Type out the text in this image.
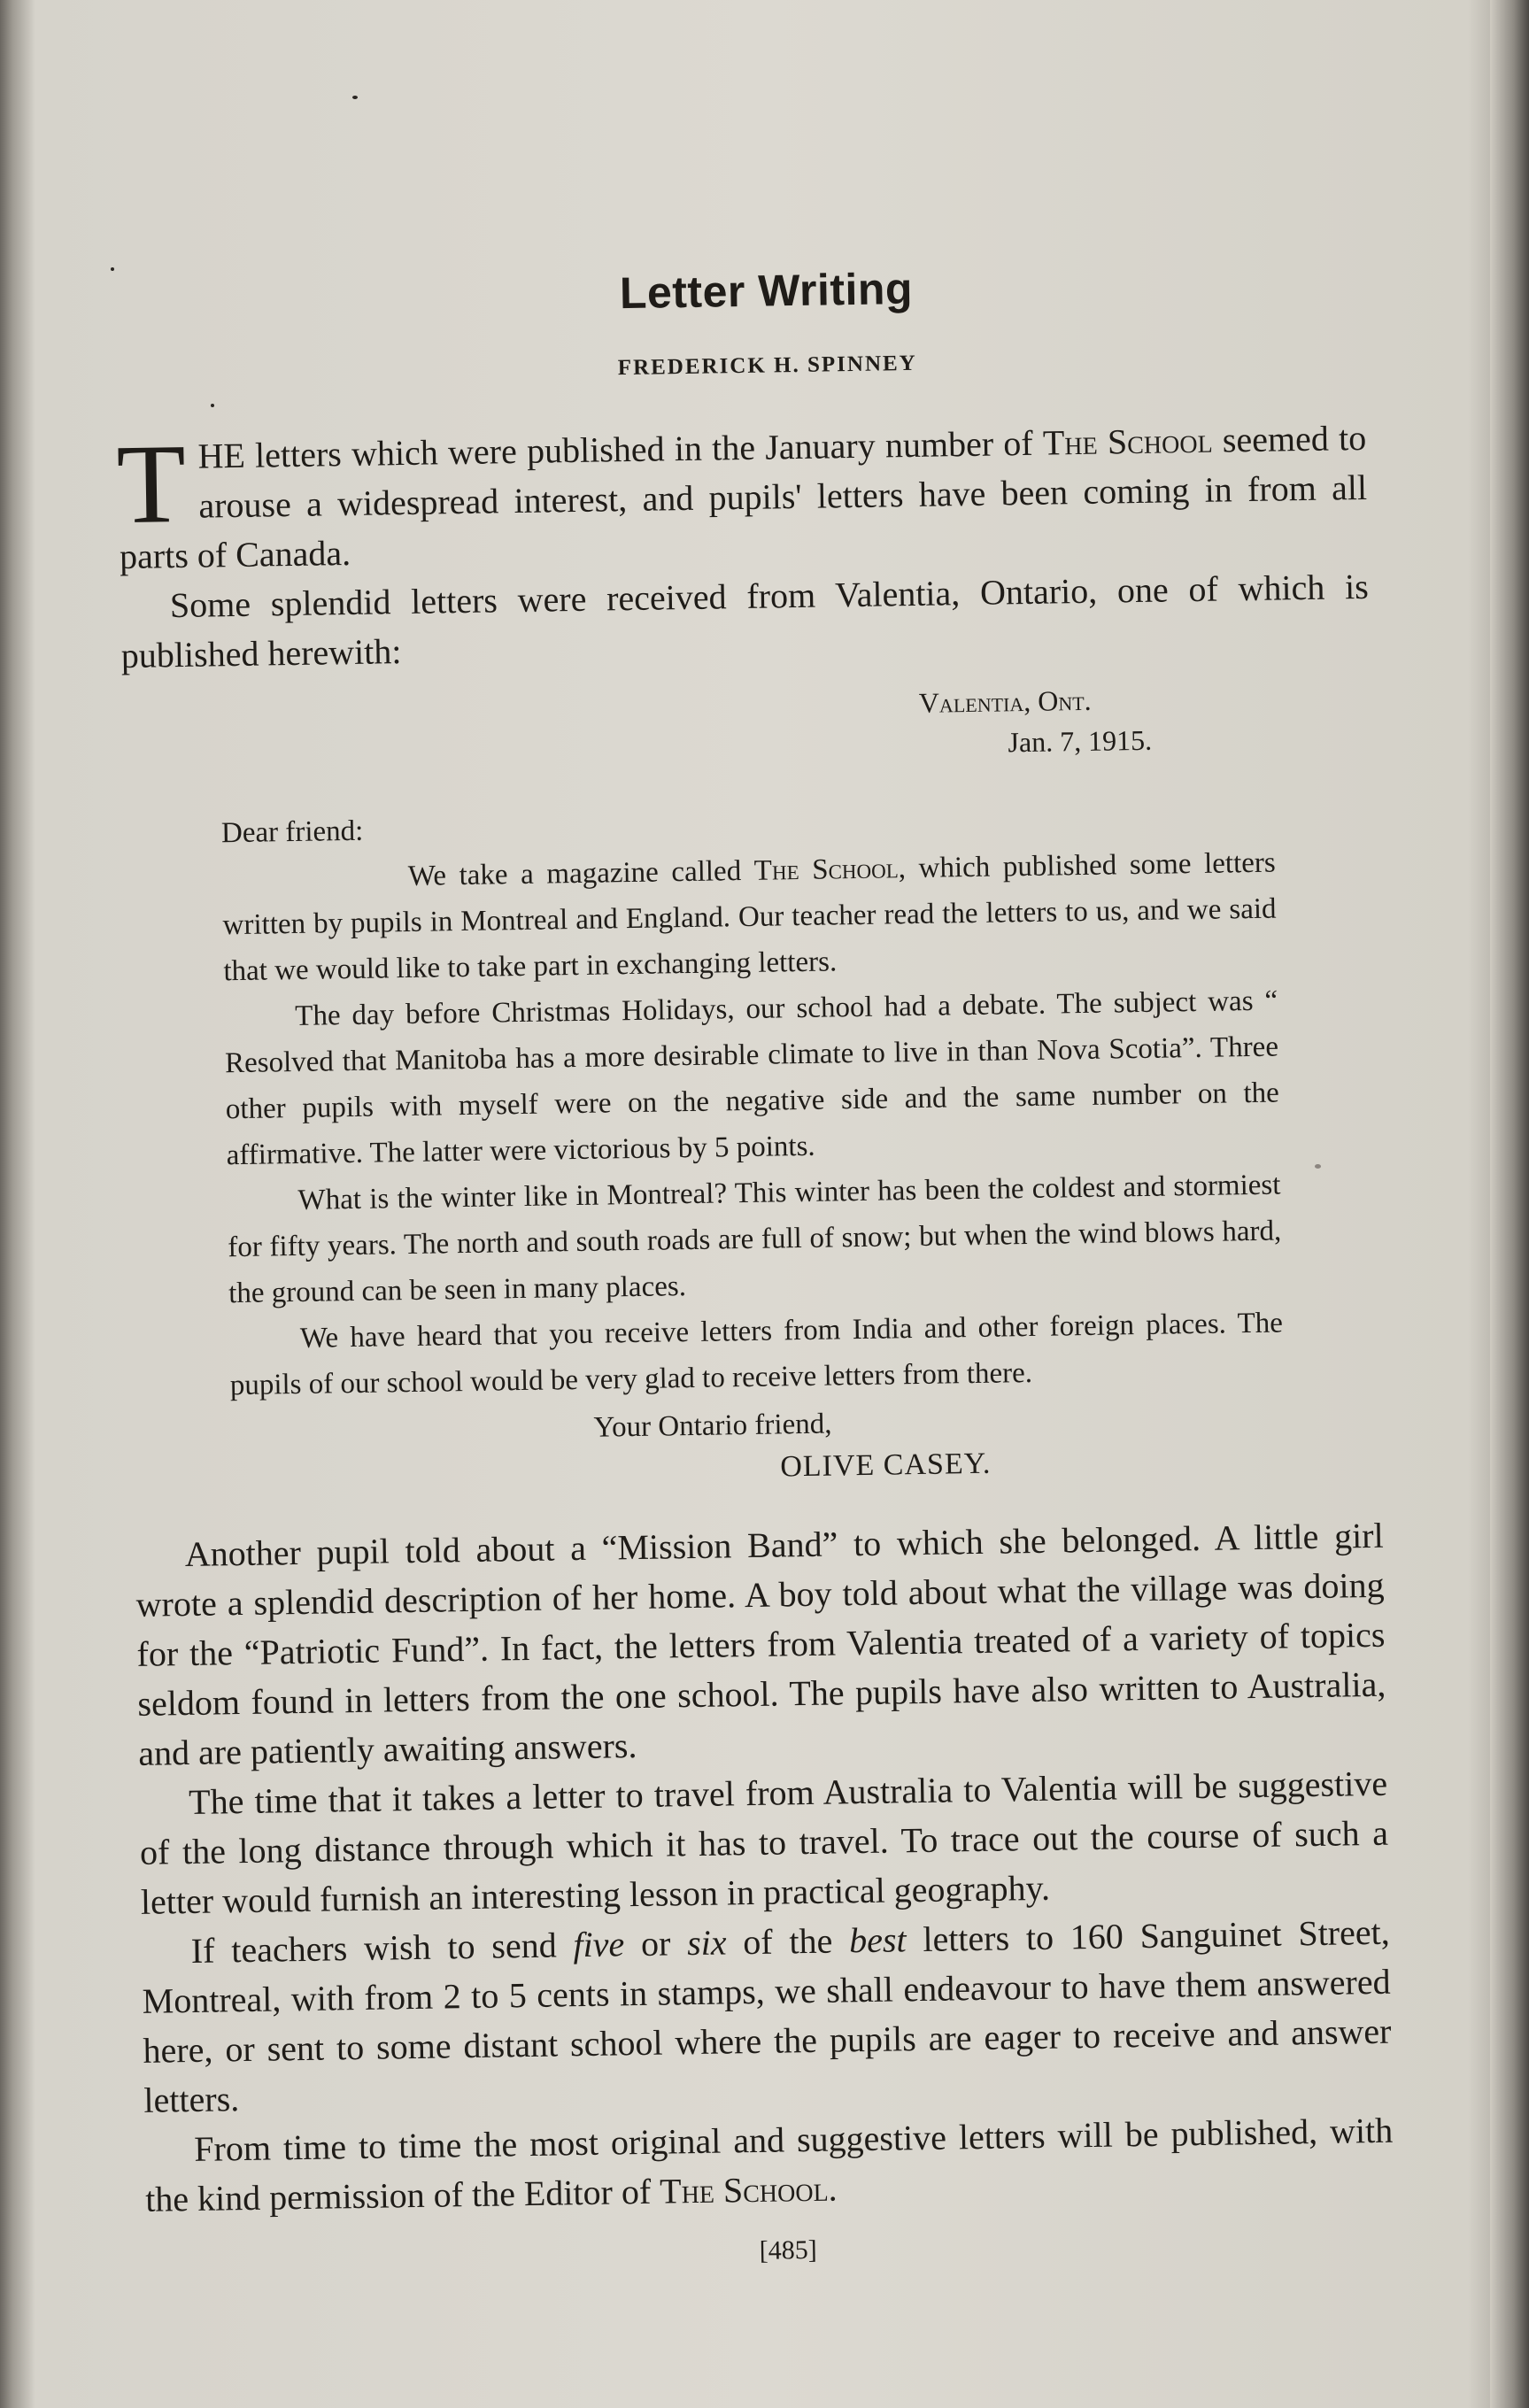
Letter Writing
FREDERICK H. SPINNEY

THE letters which were published in the January number of The School seemed to arouse a widespread interest, and pupils' letters have been coming in from all parts of Canada.

Some splendid letters were received from Valentia, Ontario, one of which is published herewith:

Valentia, Ont.
Jan. 7, 1915.

Dear friend:

We take a magazine called The School, which published some letters written by pupils in Montreal and England. Our teacher read the letters to us, and we said that we would like to take part in exchanging letters.

The day before Christmas Holidays, our school had a debate. The subject was “ Resolved that Manitoba has a more desirable climate to live in than Nova Scotia”. Three other pupils with myself were on the negative side and the same number on the affirmative. The latter were victorious by 5 points.

What is the winter like in Montreal? This winter has been the coldest and stormiest for fifty years. The north and south roads are full of snow; but when the wind blows hard, the ground can be seen in many places.

We have heard that you receive letters from India and other foreign places. The pupils of our school would be very glad to receive letters from there.

Your Ontario friend,
OLIVE CASEY.

Another pupil told about a “Mission Band” to which she belonged. A little girl wrote a splendid description of her home. A boy told about what the village was doing for the “Patriotic Fund”. In fact, the letters from Valentia treated of a variety of topics seldom found in letters from the one school. The pupils have also written to Australia, and are patiently awaiting answers.

The time that it takes a letter to travel from Australia to Valentia will be suggestive of the long distance through which it has to travel. To trace out the course of such a letter would furnish an interesting lesson in practical geography.

If teachers wish to send five or six of the best letters to 160 Sanguinet Street, Montreal, with from 2 to 5 cents in stamps, we shall endeavour to have them answered here, or sent to some distant school where the pupils are eager to receive and answer letters.

From time to time the most original and suggestive letters will be published, with the kind permission of the Editor of The School.

[485]
